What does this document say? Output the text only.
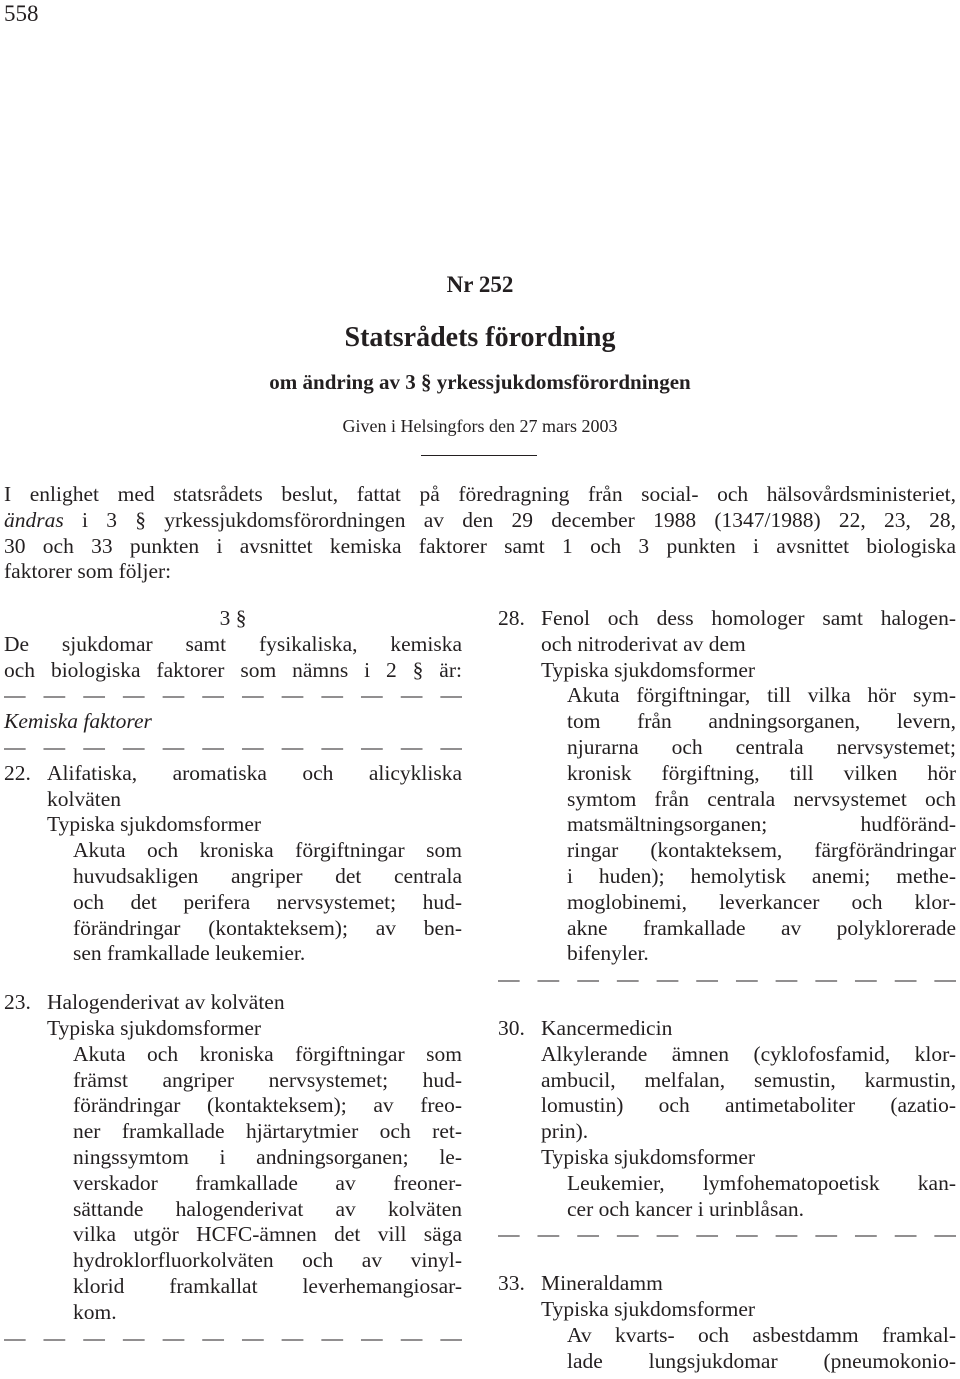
558
Nr 252
Statsrådets förordning
om ändring av 3 § yrkessjukdomsförordningen
Given i Helsingfors den 27 mars 2003
I enlighet med statsrådets beslut, fattat på föredragning från social- och hälsovårdsministeriet,
ändras i 3 § yrkessjukdomsförordningen av den 29 december 1988 (1347/1988) 22, 23, 28,
30 och 33 punkten i avsnittet kemiska faktorer samt 1 och 3 punkten i avsnittet biologiska
faktorer som följer:
3 §
De sjukdomar samt fysikaliska, kemiska
och biologiska faktorer som nämns i 2 § är:
— — — — — — — — — — — —
Kemiska faktorer
— — — — — — — — — — — —
22. Alifatiska, aromatiska och alicykliska
kolväten
Typiska sjukdomsformer
Akuta och kroniska förgiftningar som
huvudsakligen angriper det centrala
och det perifera nervsystemet; hud-
förändringar (kontakteksem); av ben-
sen framkallade leukemier.
23. Halogenderivat av kolväten
Typiska sjukdomsformer
Akuta och kroniska förgiftningar som
främst angriper nervsystemet; hud-
förändringar (kontakteksem); av freo-
ner framkallade hjärtarytmier och ret-
ningssymtom i andningsorganen; le-
verskador framkallade av freoner-
sättande halogenderivat av kolväten
vilka utgör HCFC-ämnen det vill säga
hydroklorfluorkolväten och av vinyl-
klorid framkallat leverhemangiosar-
kom.
— — — — — — — — — — — —
28. Fenol och dess homologer samt halogen-
och nitroderivat av dem
Typiska sjukdomsformer
Akuta förgiftningar, till vilka hör sym-
tom från andningsorganen, levern,
njurarna och centrala nervsystemet;
kronisk förgiftning, till vilken hör
symtom från centrala nervsystemet och
matsmältningsorganen; hudföränd-
ringar (kontakteksem, färgförändringar
i huden); hemolytisk anemi; methe-
moglobinemi, leverkancer och klor-
akne framkallade av polyklorerade
bifenyler.
— — — — — — — — — — — —
30. Kancermedicin
Alkylerande ämnen (cyklofosfamid, klor-
ambucil, melfalan, semustin, karmustin,
lomustin) och antimetaboliter (azatio-
prin).
Typiska sjukdomsformer
Leukemier, lymfohematopoetisk kan-
cer och kancer i urinblåsan.
— — — — — — — — — — — —
33. Mineraldamm
Typiska sjukdomsformer
Av kvarts- och asbestdamm framkal-
lade lungsjukdomar (pneumokonio-
